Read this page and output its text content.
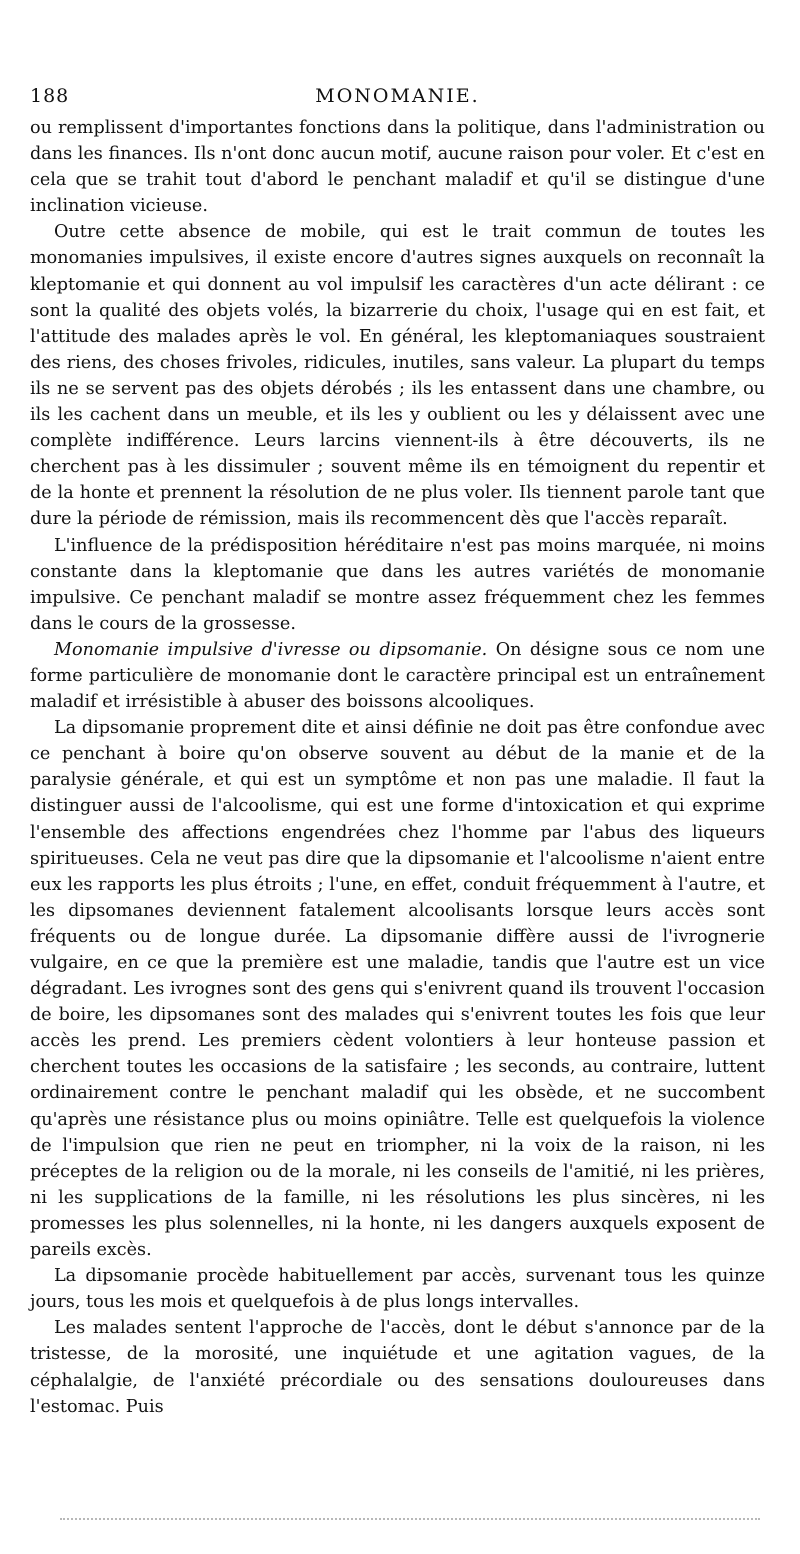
188	MONOMANIE.

ou remplissent d'importantes fonctions dans la politique, dans l'administration ou dans les finances. Ils n'ont donc aucun motif, aucune raison pour voler. Et c'est en cela que se trahit tout d'abord le penchant maladif et qu'il se distingue d'une inclination vicieuse.

Outre cette absence de mobile, qui est le trait commun de toutes les monomanies impulsives, il existe encore d'autres signes auxquels on reconnaît la kleptomanie et qui donnent au vol impulsif les caractères d'un acte délirant : ce sont la qualité des objets volés, la bizarrerie du choix, l'usage qui en est fait, et l'attitude des malades après le vol. En général, les kleptomaniaques soustraient des riens, des choses frivoles, ridicules, inutiles, sans valeur. La plupart du temps ils ne se servent pas des objets dérobés ; ils les entassent dans une chambre, ou ils les cachent dans un meuble, et ils les y oublient ou les y délaissent avec une complète indifférence. Leurs larcins viennent-ils à être découverts, ils ne cherchent pas à les dissimuler ; souvent même ils en témoignent du repentir et de la honte et prennent la résolution de ne plus voler. Ils tiennent parole tant que dure la période de rémission, mais ils recommencent dès que l'accès reparaît.

L'influence de la prédisposition héréditaire n'est pas moins marquée, ni moins constante dans la kleptomanie que dans les autres variétés de monomanie impulsive. Ce penchant maladif se montre assez fréquemment chez les femmes dans le cours de la grossesse.

Monomanie impulsive d'ivresse ou dipsomanie. On désigne sous ce nom une forme particulière de monomanie dont le caractère principal est un entraînement maladif et irrésistible à abuser des boissons alcooliques.

La dipsomanie proprement dite et ainsi définie ne doit pas être confondue avec ce penchant à boire qu'on observe souvent au début de la manie et de la paralysie générale, et qui est un symptôme et non pas une maladie. Il faut la distinguer aussi de l'alcoolisme, qui est une forme d'intoxication et qui exprime l'ensemble des affections engendrées chez l'homme par l'abus des liqueurs spiritueuses. Cela ne veut pas dire que la dipsomanie et l'alcoolisme n'aient entre eux les rapports les plus étroits ; l'une, en effet, conduit fréquemment à l'autre, et les dipsomanes deviennent fatalement alcoolisants lorsque leurs accès sont fréquents ou de longue durée. La dipsomanie diffère aussi de l'ivrognerie vulgaire, en ce que la première est une maladie, tandis que l'autre est un vice dégradant. Les ivrognes sont des gens qui s'enivrent quand ils trouvent l'occasion de boire, les dipsomanes sont des malades qui s'enivrent toutes les fois que leur accès les prend. Les premiers cèdent volontiers à leur honteuse passion et cherchent toutes les occasions de la satisfaire ; les seconds, au contraire, luttent ordinairement contre le penchant maladif qui les obsède, et ne succombent qu'après une résistance plus ou moins opiniâtre. Telle est quelquefois la violence de l'impulsion que rien ne peut en triompher, ni la voix de la raison, ni les préceptes de la religion ou de la morale, ni les conseils de l'amitié, ni les prières, ni les supplications de la famille, ni les résolutions les plus sincères, ni les promesses les plus solennelles, ni la honte, ni les dangers auxquels exposent de pareils excès.

La dipsomanie procède habituellement par accès, survenant tous les quinze jours, tous les mois et quelquefois à de plus longs intervalles.

Les malades sentent l'approche de l'accès, dont le début s'annonce par de la tristesse, de la morosité, une inquiétude et une agitation vagues, de la céphalalgie, de l'anxiété précordiale ou des sensations douloureuses dans l'estomac. Puis
